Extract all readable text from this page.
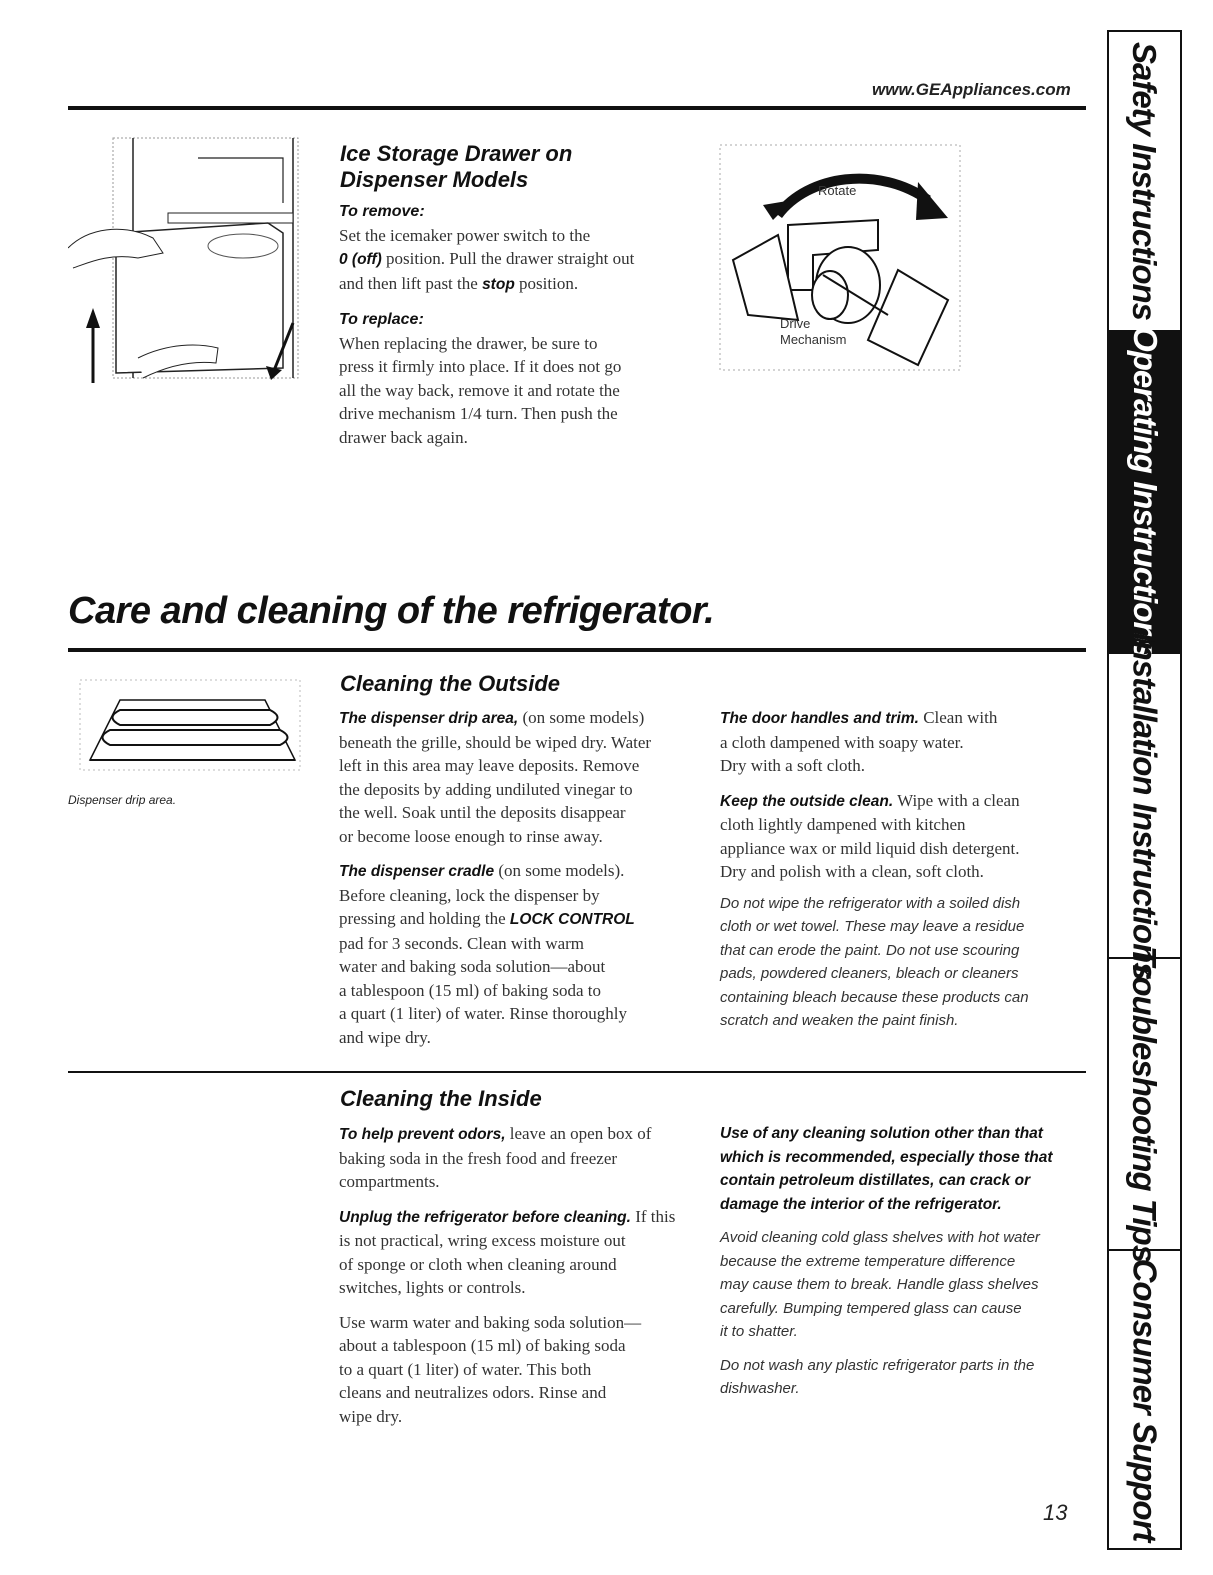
www.GEAppliances.com
Ice Storage Drawer on
Dispenser Models
To remove:
Set the icemaker power switch to the
0 (off) position. Pull the drawer straight out
and then lift past the stop position.
To replace:
When replacing the drawer, be sure to
press it firmly into place. If it does not go
all the way back, remove it and rotate the
drive mechanism 1/4 turn. Then push the
drawer back again.
Rotate
Drive
Mechanism
Care and cleaning of the refrigerator.
Dispenser drip area.
Cleaning the Outside
The dispenser drip area, (on some models)
beneath the grille, should be wiped dry. Water
left in this area may leave deposits. Remove
the deposits by adding undiluted vinegar to
the well. Soak until the deposits disappear
or become loose enough to rinse away.
The dispenser cradle (on some models).
Before cleaning, lock the dispenser by
pressing and holding the LOCK CONTROL
pad for 3 seconds. Clean with warm
water and baking soda solution—about
a tablespoon (15 ml) of baking soda to
a quart (1 liter) of water. Rinse thoroughly
and wipe dry.
The door handles and trim. Clean with
a cloth dampened with soapy water.
Dry with a soft cloth.
Keep the outside clean. Wipe with a clean
cloth lightly dampened with kitchen
appliance wax or mild liquid dish detergent.
Dry and polish with a clean, soft cloth.
Do not wipe the refrigerator with a soiled dish
cloth or wet towel. These may leave a residue
that can erode the paint. Do not use scouring
pads, powdered cleaners, bleach or cleaners
containing bleach because these products can
scratch and weaken the paint finish.
Cleaning the Inside
To help prevent odors, leave an open box of
baking soda in the fresh food and freezer
compartments.
Unplug the refrigerator before cleaning. If this
is not practical, wring excess moisture out
of sponge or cloth when cleaning around
switches, lights or controls.
Use warm water and baking soda solution—
about a tablespoon (15 ml) of baking soda
to a quart (1 liter) of water. This both
cleans and neutralizes odors. Rinse and
wipe dry.
Use of any cleaning solution other than that
which is recommended, especially those that
contain petroleum distillates, can crack or
damage the interior of the refrigerator.
Avoid cleaning cold glass shelves with hot water
because the extreme temperature difference
may cause them to break. Handle glass shelves
carefully. Bumping tempered glass can cause
it to shatter.
Do not wash any plastic refrigerator parts in the
dishwasher.
13
Safety Instructions
Operating Instructions
Installation Instructions
Troubleshooting Tips
Consumer Support
